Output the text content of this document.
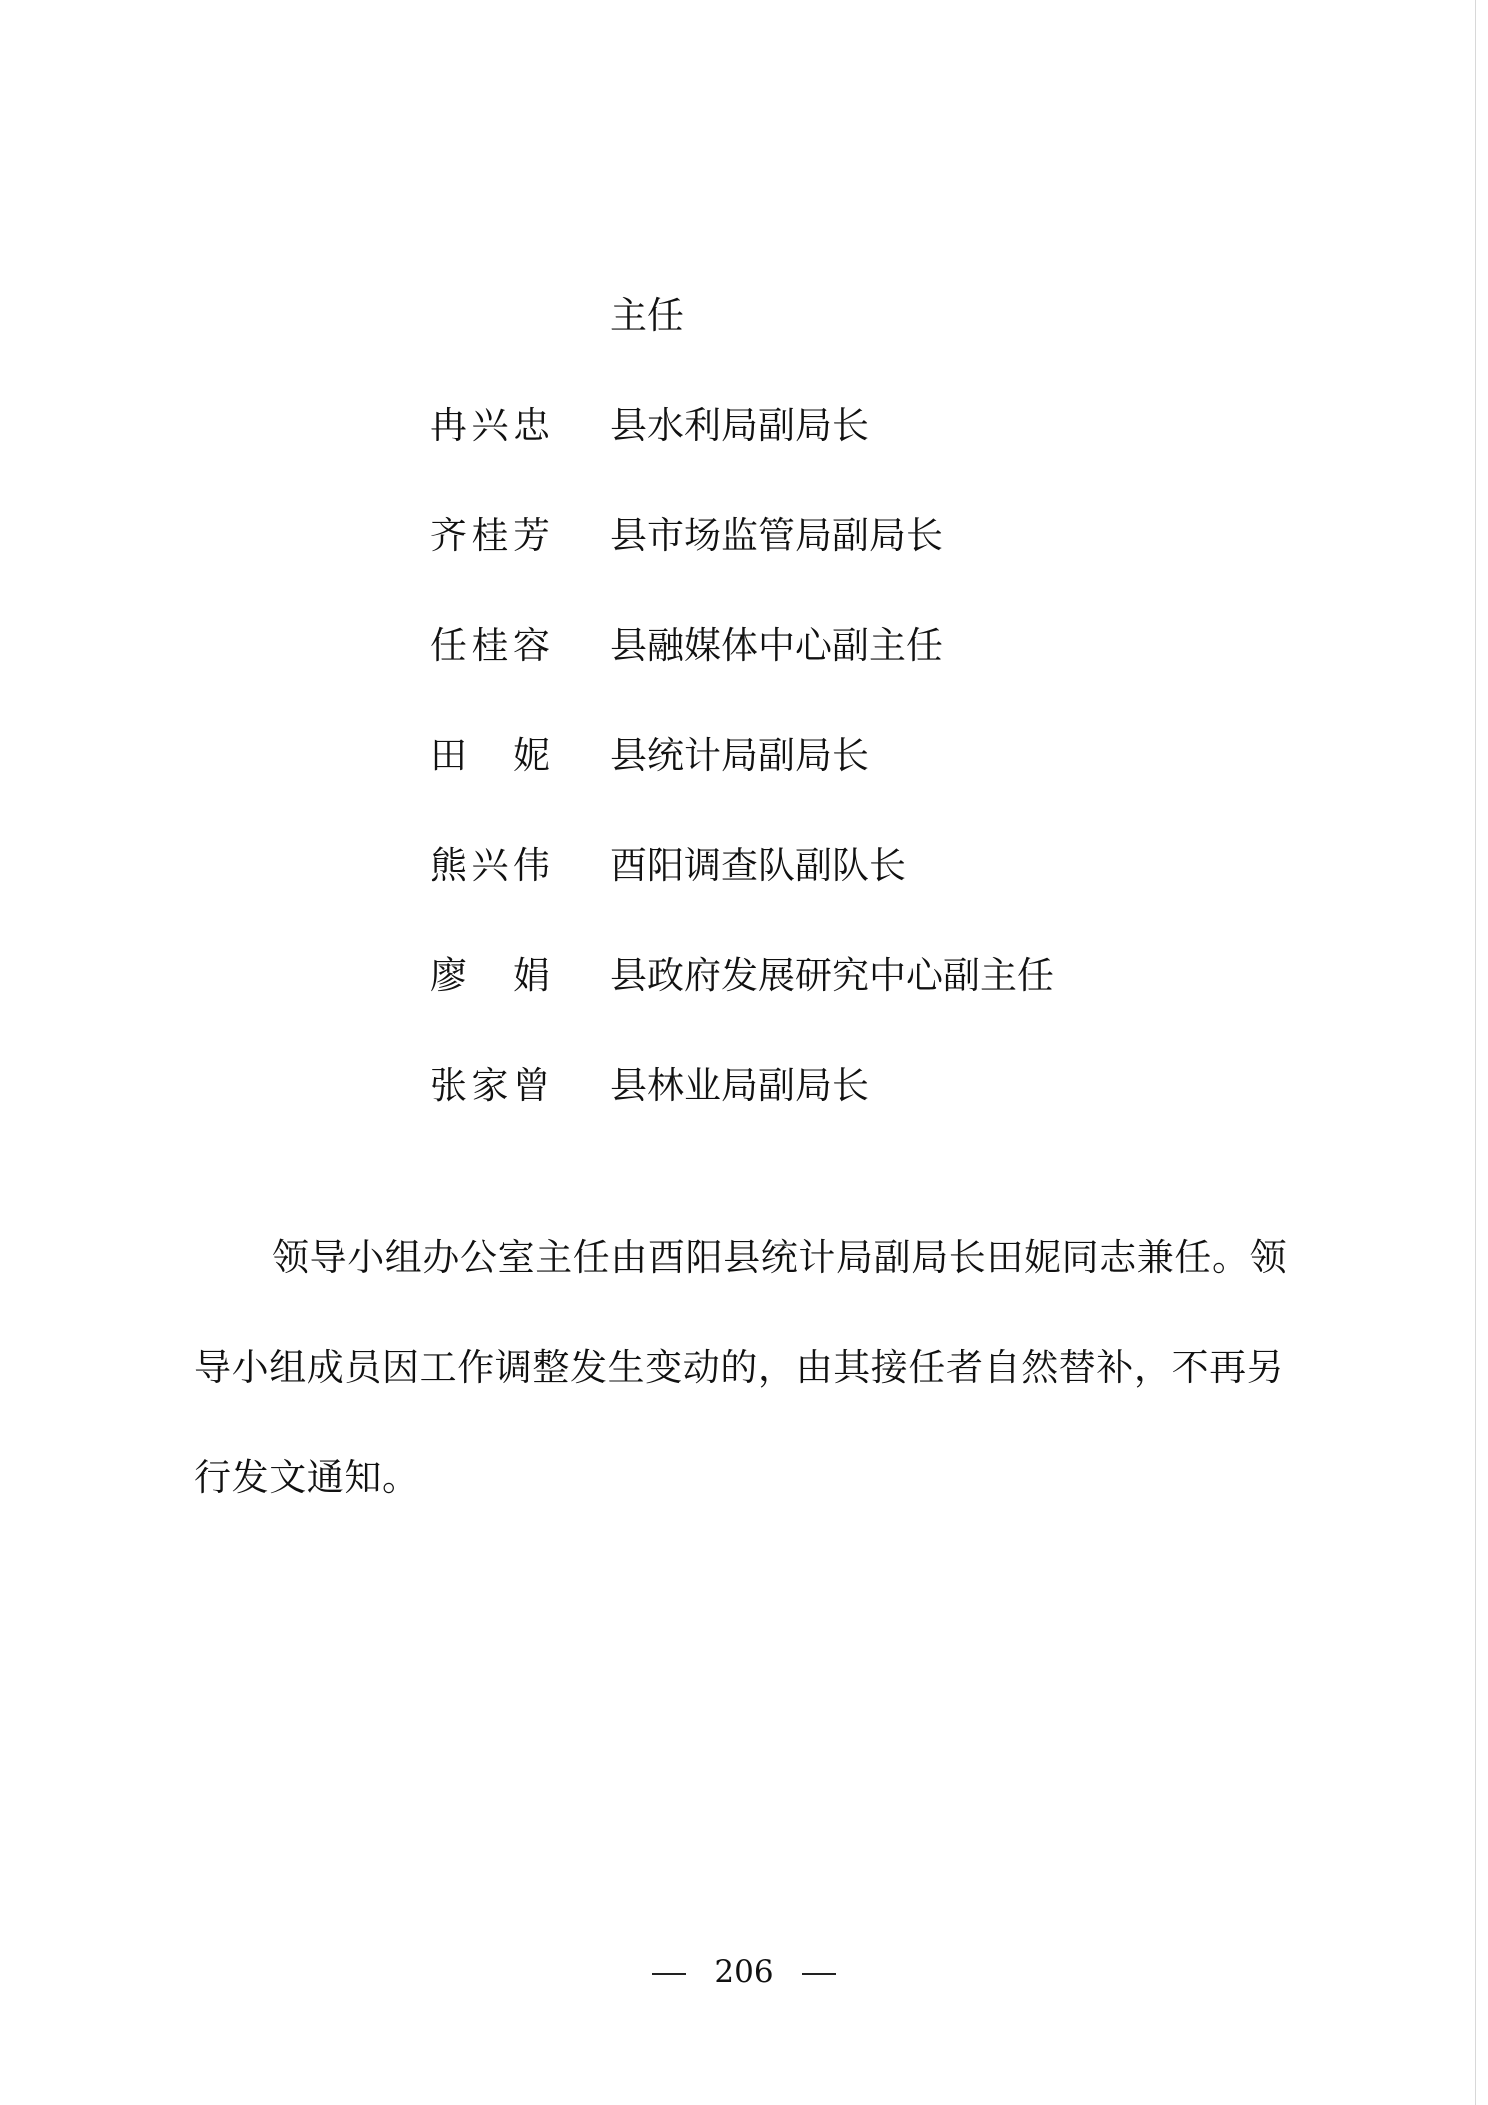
主任
冉兴忠 县水利局副局长
齐桂芳 县市场监管局副局长
任桂容 县融媒体中心副主任
田妮 县统计局副局长
熊兴伟 酉阳调查队副队长
廖娟 县政府发展研究中心副主任
张家曾 县林业局副局长

领导小组办公室主任由酉阳县统计局副局长田妮同志兼任。领导小组成员因工作调整发生变动的，由其接任者自然替补，不再另行发文通知。

206
